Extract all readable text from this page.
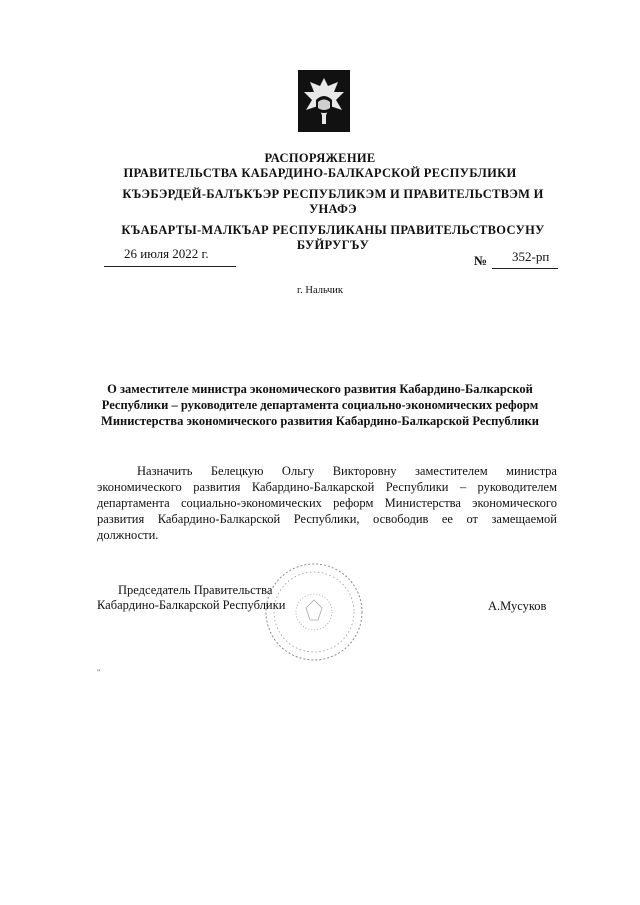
РАСПОРЯЖЕНИЕ
ПРАВИТЕЛЬСТВА КАБАРДИНО-БАЛКАРСКОЙ РЕСПУБЛИКИ
КЪЭБЭРДЕЙ-БАЛЪКЪЭР РЕСПУБЛИКЭМ И ПРАВИТЕЛЬСТВЭМ И УНАФЭ
КЪАБАРТЫ-МАЛКЪАР РЕСПУБЛИКАНЫ ПРАВИТЕЛЬСТВОСУНУ БУЙРУГЪУ
26 июля 2022 г.	№ 352-рп
г. Нальчик
О заместителе министра экономического развития Кабардино-Балкарской Республики – руководителе департамента социально-экономических реформ Министерства экономического развития Кабардино-Балкарской Республики
Назначить Белецкую Ольгу Викторовну заместителем министра экономического развития Кабардино-Балкарской Республики – руководителем департамента социально-экономических реформ Министерства экономического развития Кабардино-Балкарской Республики, освободив ее от замещаемой должности.
Председатель Правительства
Кабардино-Балкарской Республики	А.Мусуков
"
